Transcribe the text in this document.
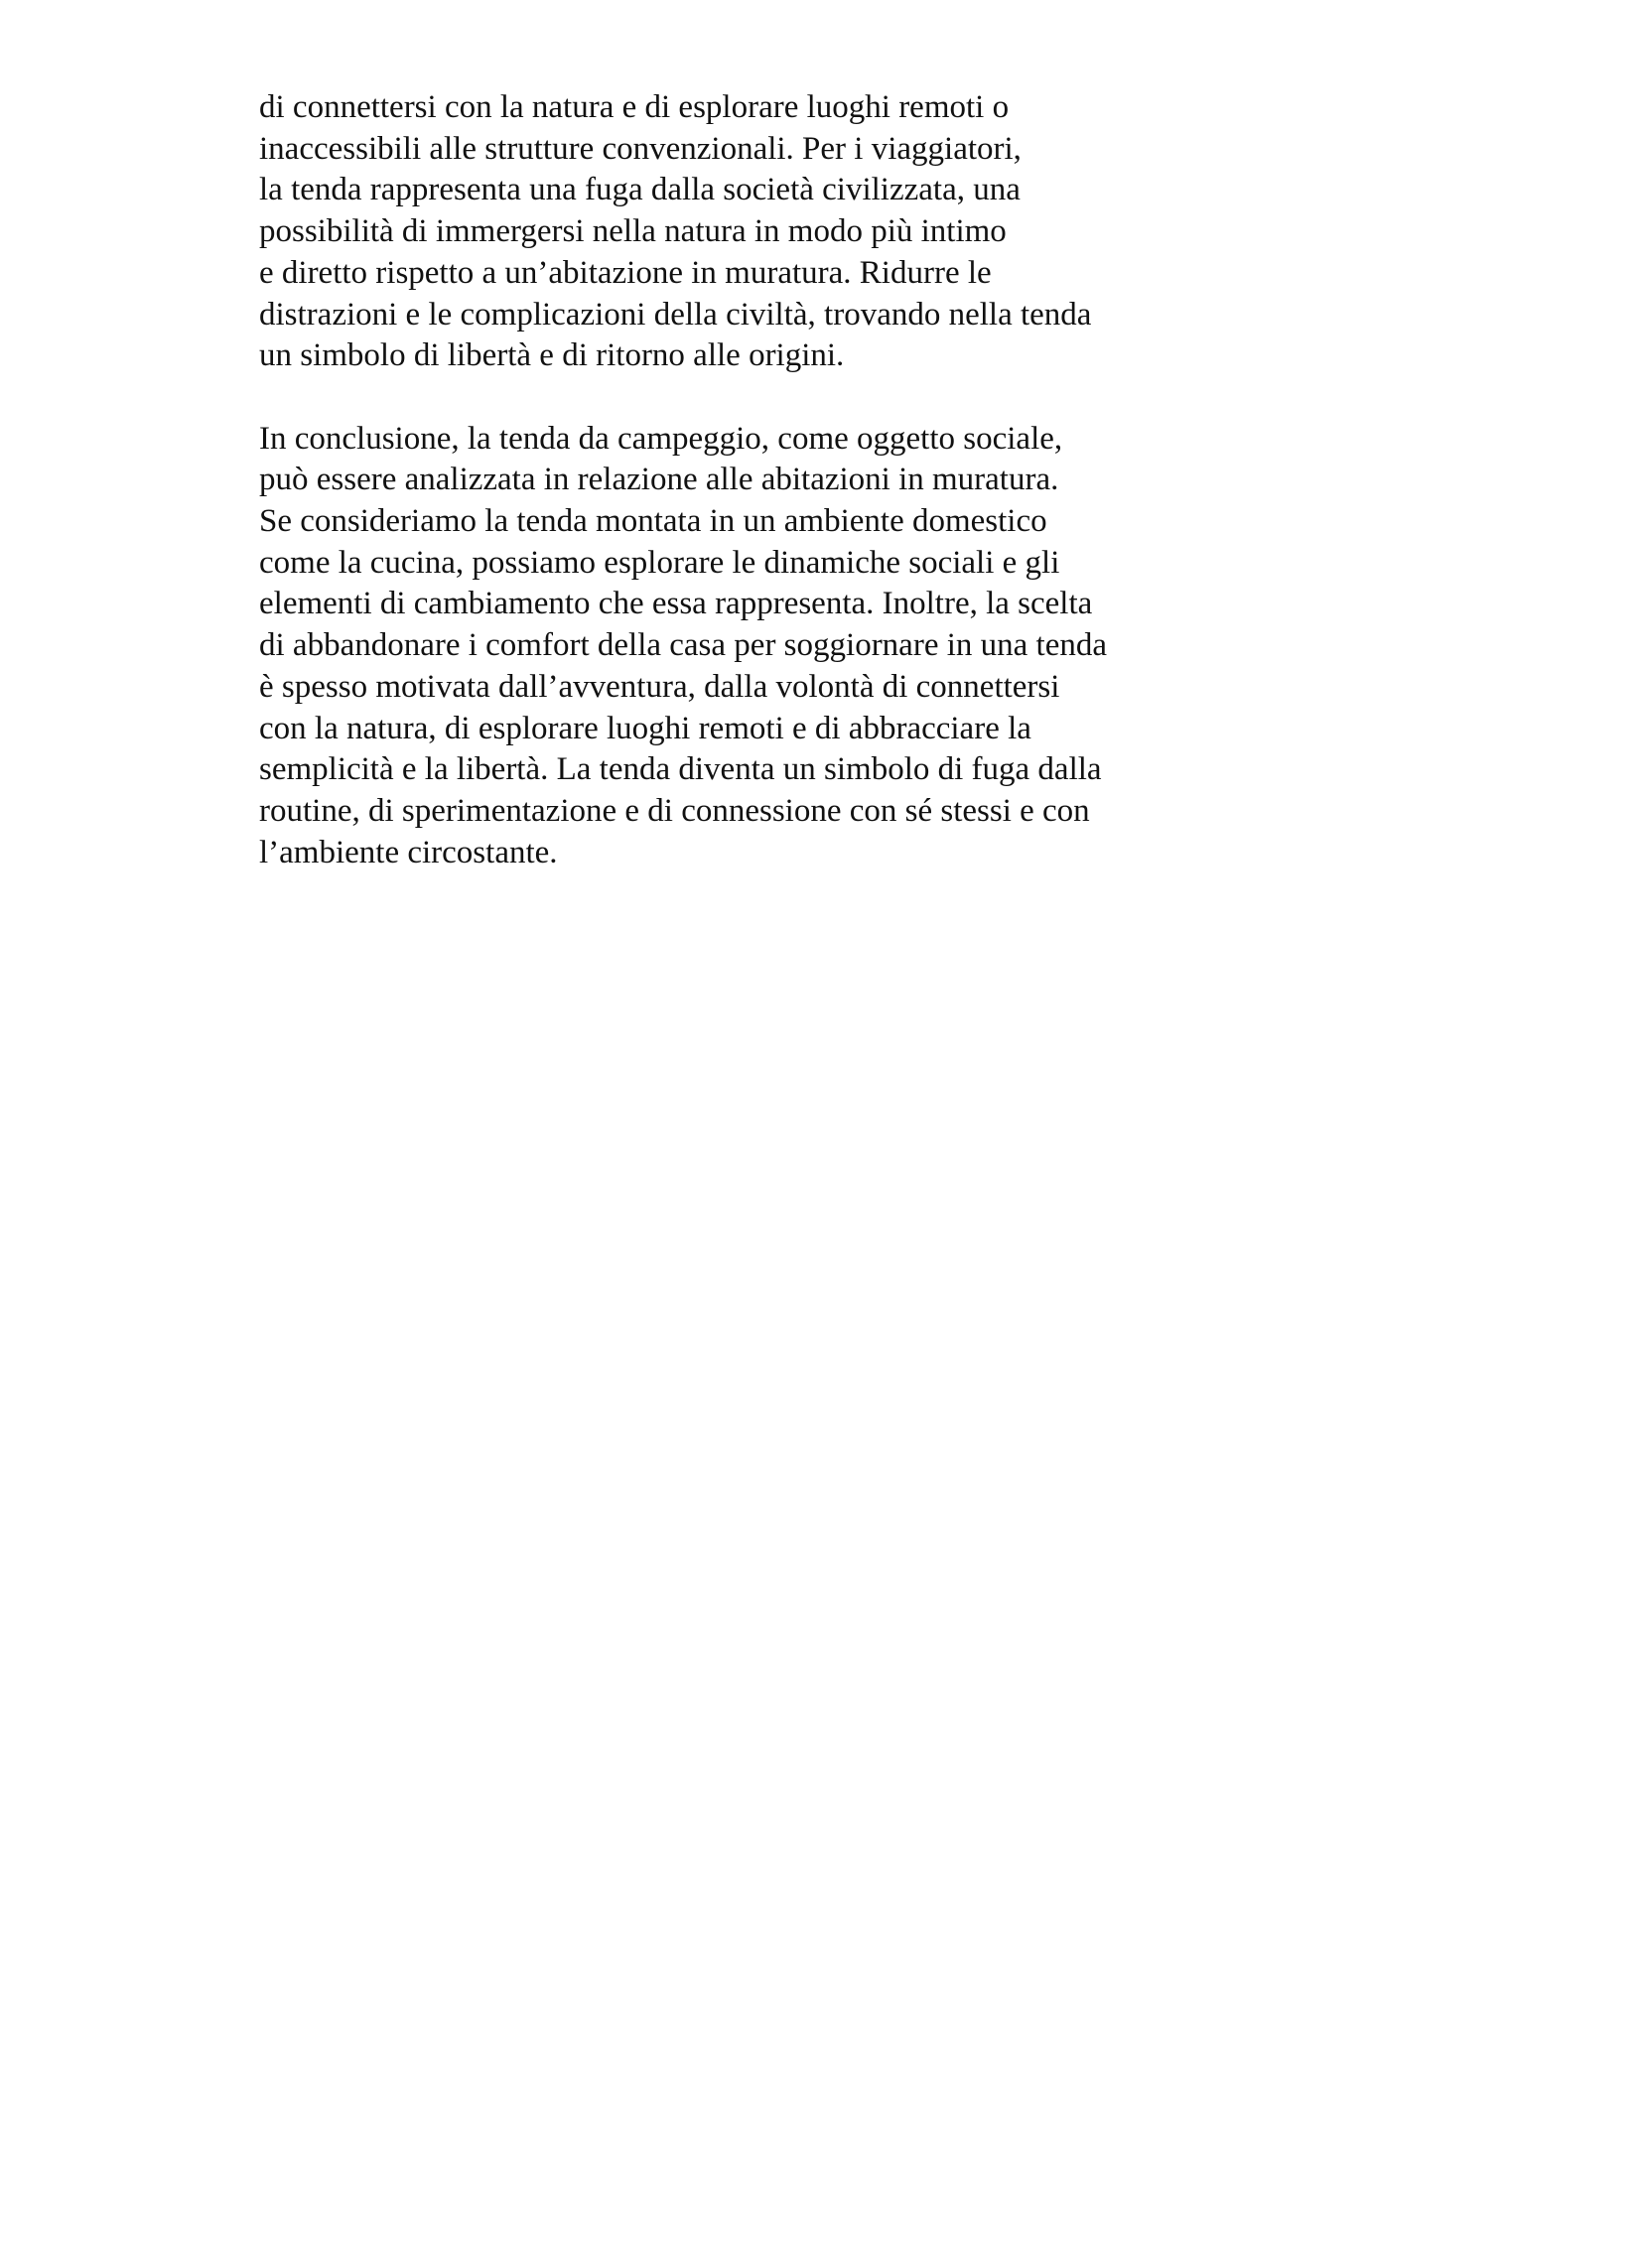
di connettersi con la natura e di esplorare luoghi remoti o
inaccessibili alle strutture convenzionali. Per i viaggiatori,
la tenda rappresenta una fuga dalla società civilizzata, una
possibilità di immergersi nella natura in modo più intimo
e diretto rispetto a un’abitazione in muratura. Ridurre le
distrazioni e le complicazioni della civiltà, trovando nella tenda
un simbolo di libertà e di ritorno alle origini.

In conclusione, la tenda da campeggio, come oggetto sociale,
può essere analizzata in relazione alle abitazioni in muratura.
Se consideriamo la tenda montata in un ambiente domestico
come la cucina, possiamo esplorare le dinamiche sociali e gli
elementi di cambiamento che essa rappresenta. Inoltre, la scelta
di abbandonare i comfort della casa per soggiornare in una tenda
è spesso motivata dall’avventura, dalla volontà di connettersi
con la natura, di esplorare luoghi remoti e di abbracciare la
semplicità e la libertà. La tenda diventa un simbolo di fuga dalla
routine, di sperimentazione e di connessione con sé stessi e con
l’ambiente circostante.
